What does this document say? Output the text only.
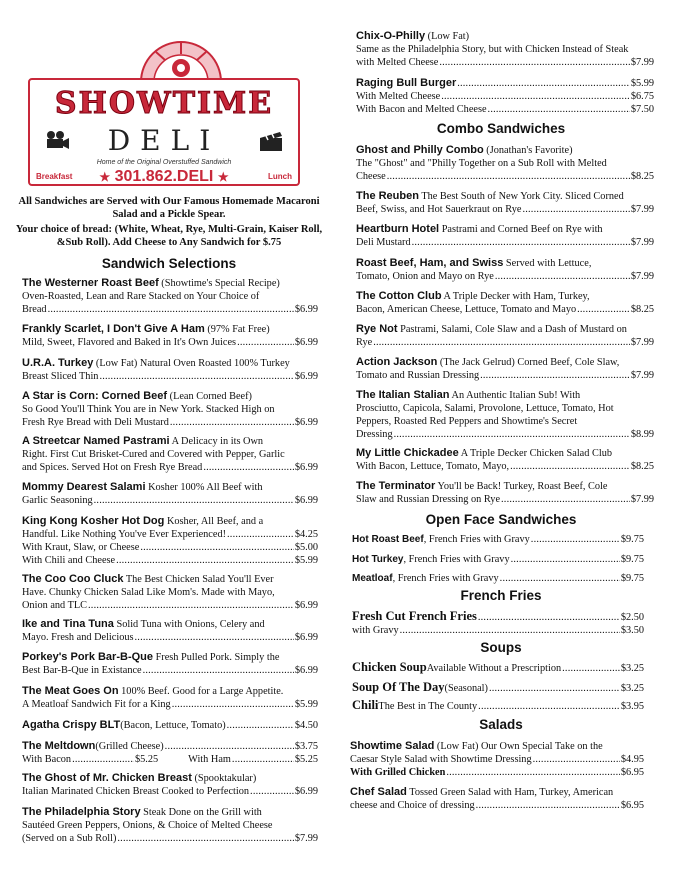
SHOWTIME
DELI
Home of the Original Overstuffed Sandwich
Breakfast	★ 301.862.DELI ★	Lunch
All Sandwiches are Served with Our Famous Homemade Macaroni Salad and a Pickle Spear.
Your choice of bread: (White, Wheat, Rye, Multi-Grain, Kaiser Roll, &Sub Roll). Add Cheese to Any Sandwich for $.75
Sandwich Selections
Combo Sandwiches
Open Face Sandwiches
French Fries
Soups
Salads
The Westerner Roast Beef (Showtime's Special Recipe)
Oven-Roasted, Lean and Rare Stacked on Your Choice of
Bread .....	$6.99
Frankly Scarlet, I Don't Give A Ham (97% Fat Free)
Mild, Sweet, Flavored and Baked in It's Own Juices .....	$6.99
U.R.A. Turkey (Low Fat) Natural Oven Roasted 100% Turkey
Breast Sliced Thin .....	$6.99
A Star is Corn: Corned Beef (Lean Corned Beef)
So Good You'll Think You are in New York. Stacked High on
Fresh Rye Bread with Deli Mustard .....	$6.99
A Streetcar Named Pastrami A Delicacy in its Own
Right. First Cut Brisket-Cured and Covered with Pepper, Garlic
and Spices. Served Hot on Fresh Rye Bread .....	$6.99
Mommy Dearest Salami Kosher 100% All Beef with
Garlic Seasoning .....	$6.99
King Kong Kosher Hot Dog Kosher, All Beef, and a
Handful. Like Nothing You've Ever Experienced! .....	$4.25
With Kraut, Slaw, or Cheese .....	$5.00
With Chili and Cheese .....	$5.99
The Coo Coo Cluck The Best Chicken Salad You'll Ever
Have. Chunky Chicken Salad Like Mom's. Made with Mayo,
Onion and TLC .....	$6.99
Ike and Tina Tuna Solid Tuna with Onions, Celery and
Mayo. Fresh and Delicious .....	$6.99
Porkey's Pork Bar-B-Que Fresh Pulled Pork. Simply the
Best Bar-B-Que in Existance .....	$6.99
The Meat Goes On 100% Beef. Good for a Large Appetite.
A Meatloaf Sandwich Fit for a King .....	$5.99
Agatha Crispy BLT (Bacon, Lettuce, Tomato) .....	$4.50
The Meltdown (Grilled Cheese) .....	$3.75
With Bacon .....	$5.25	With Ham .....	$5.25
The Ghost of Mr. Chicken Breast (Spooktakular)
Italian Marinated Chicken Breast Cooked to Perfection .....	$6.99
The Philadelphia Story Steak Done on the Grill with
Sautéed Green Peppers, Onions, & Choice of Melted Cheese
(Served on a Sub Roll) .....	$7.99
Chix-O-Philly (Low Fat)
Same as the Philadelphia Story, but with Chicken Instead of Steak
with Melted Cheese .....	$7.99
Raging Bull Burger .....	$5.99
With Melted Cheese .....	$6.75
With Bacon and Melted Cheese .....	$7.50
Ghost and Philly Combo (Jonathan's Favorite)
The "Ghost" and "Philly Together on a Sub Roll with Melted
Cheese .....	$8.25
The Reuben The Best South of New York City. Sliced Corned
Beef, Swiss, and Hot Sauerkraut on Rye .....	$7.99
Heartburn Hotel Pastrami and Corned Beef on Rye with
Deli Mustard .....	$7.99
Roast Beef, Ham, and Swiss Served with Lettuce,
Tomato, Onion and Mayo on Rye .....	$7.99
The Cotton Club A Triple Decker with Ham, Turkey,
Bacon, American Cheese, Lettuce, Tomato and Mayo .....	$8.25
Rye Not Pastrami, Salami, Cole Slaw and a Dash of Mustard on
Rye .....	$7.99
Action Jackson (The Jack Gelrud) Corned Beef, Cole Slaw,
Tomato and Russian Dressing .....	$7.99
The Italian Stalian An Authentic Italian Sub! With
Prosciutto, Capicola, Salami, Provolone, Lettuce, Tomato, Hot
Peppers, Roasted Red Peppers and Showtime's Secret
Dressing .....	$8.99
My Little Chickadee A Triple Decker Chicken Salad Club
With Bacon, Lettuce, Tomato, Mayo, .....	$8.25
The Terminator You'll be Back! Turkey, Roast Beef, Cole
Slaw and Russian Dressing on Rye .....	$7.99
Hot Roast Beef , French Fries with Gravy .....	$9.75
Hot Turkey , French Fries with Gravy .....	$9.75
Meatloaf , French Fries with Gravy .....	$9.75
Fresh Cut French Fries .....	$2.50
with Gravy .....	$3.50
Chicken Soup Available Without a Prescription .....	$3.25
Soup Of The Day (Seasonal) .....	$3.25
Chili The Best in The County .....	$3.95
Showtime Salad (Low Fat) Our Own Special Take on the
Caesar Style Salad with Showtime Dressing .....	$4.95
With Grilled Chicken .....	$6.95
Chef Salad Tossed Green Salad with Ham, Turkey, American
cheese and Choice of dressing .....	$6.95
